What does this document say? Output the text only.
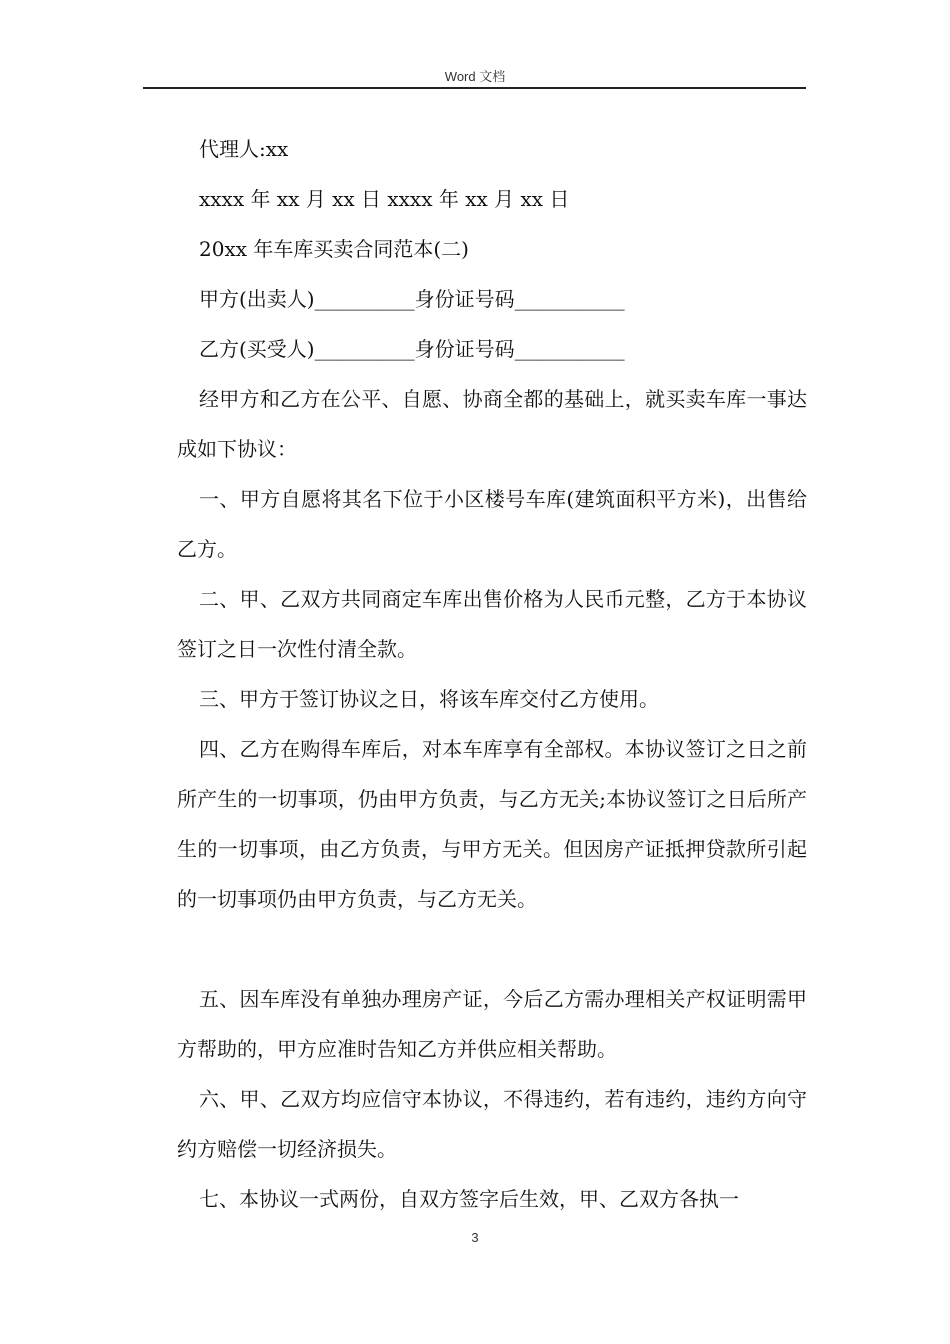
Word 文档

代理人:xx

xxxx 年 xx 月 xx 日 xxxx 年 xx 月 xx 日

20xx 年车库买卖合同范本(二)

甲方(出卖人)__________身份证号码___________

乙方(买受人)__________身份证号码___________

经甲方和乙方在公平、自愿、协商全都的基础上，就买卖车库一事达成如下协议：

一、甲方自愿将其名下位于小区楼号车库(建筑面积平方米)，出售给乙方。

二、甲、乙双方共同商定车库出售价格为人民币元整，乙方于本协议签订之日一次性付清全款。

三、甲方于签订协议之日，将该车库交付乙方使用。

四、乙方在购得车库后，对本车库享有全部权。本协议签订之日之前所产生的一切事项，仍由甲方负责，与乙方无关;本协议签订之日后所产生的一切事项，由乙方负责，与甲方无关。但因房产证抵押贷款所引起的一切事项仍由甲方负责，与乙方无关。

五、因车库没有单独办理房产证，今后乙方需办理相关产权证明需甲方帮助的，甲方应准时告知乙方并供应相关帮助。

六、甲、乙双方均应信守本协议，不得违约，若有违约，违约方向守约方赔偿一切经济损失。

七、本协议一式两份，自双方签字后生效，甲、乙双方各执一

3
